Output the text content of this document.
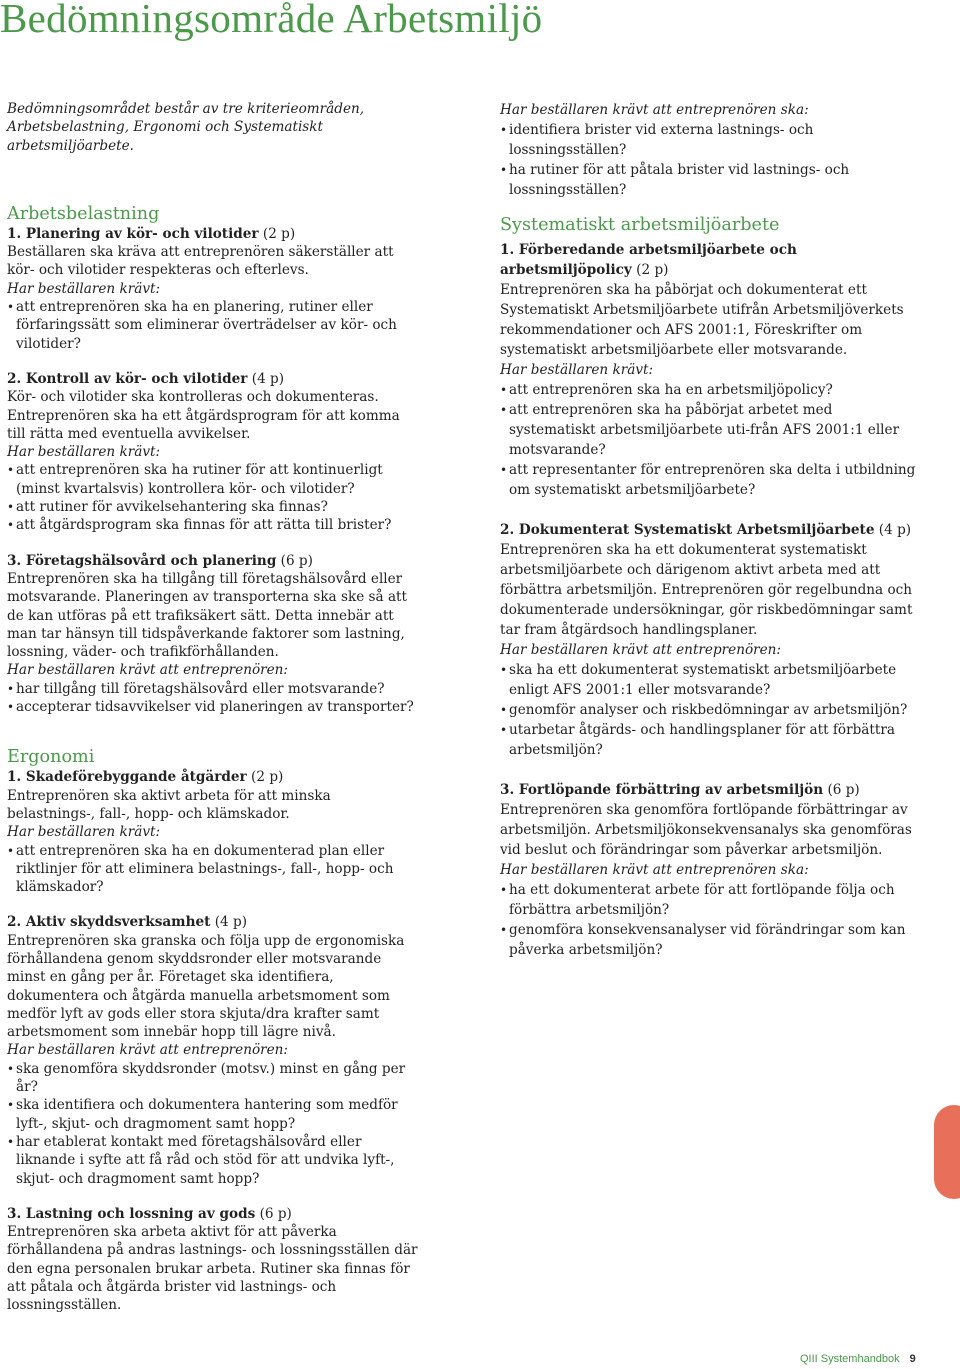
Bedömningsområde Arbetsmiljö

Bedömningsområdet består av tre kriterieområden, Arbetsbelastning, Ergonomi och Systematiskt arbetsmiljöarbete.

Arbetsbelastning

1. Planering av kör- och vilotider (2 p)

Beställaren ska kräva att entreprenören säkerställer att kör- och vilotider respekteras och efterlevs.

Har beställaren krävt:

• att entreprenören ska ha en planering, rutiner eller förfaringssätt som eliminerar överträdelser av kör- och vilotider?

2. Kontroll av kör- och vilotider (4 p)

Kör- och vilotider ska kontrolleras och dokumenteras. Entreprenören ska ha ett åtgärdsprogram för att komma till rätta med eventuella avvikelser.

Har beställaren krävt:

• att entreprenören ska ha rutiner för att kontinuerligt (minst kvartalsvis) kontrollera kör- och vilotider?
• att rutiner för avvikelsehantering ska finnas?
• att åtgärdsprogram ska finnas för att rätta till brister?

3. Företagshälsovård och planering (6 p)

Entreprenören ska ha tillgång till företagshälsovård eller motsvarande. Planeringen av transporterna ska ske så att de kan utföras på ett trafiksäkert sätt. Detta innebär att man tar hänsyn till tidspåverkande faktorer som lastning, lossning, väder- och trafikförhållanden.

Har beställaren krävt att entreprenören:

• har tillgång till företagshälsovård eller motsvarande?
• accepterar tidsavvikelser vid planeringen av transporter?
Ergonomi

1. Skadeförebyggande åtgärder (2 p)

Entreprenören ska aktivt arbeta för att minska belastnings-, fall-, hopp- och klämskador.

Har beställaren krävt:

• att entreprenören ska ha en dokumenterad plan eller riktlinjer för att eliminera belastnings-, fall-, hopp- och klämskador?

2. Aktiv skyddsverksamhet (4 p)

Entreprenören ska granska och följa upp de ergonomiska förhållandena genom skyddsronder eller motsvarande minst en gång per år. Företaget ska identifiera, dokumentera och åtgärda manuella arbetsmoment som medför lyft av gods eller stora skjuta/dra krafter samt arbetsmoment som innebär hopp till lägre nivå.

Har beställaren krävt att entreprenören:

• ska genomföra skyddsronder (motsv.) minst en gång per år?
• ska identifiera och dokumentera hantering som medför lyft-, skjut- och dragmoment samt hopp?
• har etablerat kontakt med företagshälsovård eller liknande i syfte att få råd och stöd för att undvika lyft-, skjut- och dragmoment samt hopp?

3. Lastning och lossning av gods (6 p)

Entreprenören ska arbeta aktivt för att påverka förhållandena på andras lastnings- och lossningsställen där den egna personalen brukar arbeta. Rutiner ska finnas för att påtala och åtgärda brister vid lastnings- och lossningsställen.

Har beställaren krävt att entreprenören ska:

• identifiera brister vid externa lastnings- och lossningsställen?
• ha rutiner för att påtala brister vid lastnings- och lossningsställen?
Systematiskt arbetsmiljöarbete

1. Förberedande arbetsmiljöarbete och arbetsmiljöpolicy (2 p)

Entreprenören ska ha påbörjat och dokumenterat ett Systematiskt Arbetsmiljöarbete utifrån Arbetsmiljöverkets rekommendationer och AFS 2001:1, Föreskrifter om systematiskt arbetsmiljöarbete eller motsvarande.

Har beställaren krävt:

• att entreprenören ska ha en arbetsmiljöpolicy?
• att entreprenören ska ha påbörjat arbetet med systematiskt arbetsmiljöarbete uti-från AFS 2001:1 eller motsvarande?
• att representanter för entreprenören ska delta i utbildning om systematiskt arbetsmiljöarbete?

2. Dokumenterat Systematiskt Arbetsmiljöarbete (4 p)

Entreprenören ska ha ett dokumenterat systematiskt arbetsmiljöarbete och därigenom aktivt arbeta med att förbättra arbetsmiljön. Entreprenören gör regelbundna och dokumenterade undersökningar, gör riskbedömningar samt tar fram åtgärdsoch handlingsplaner.

Har beställaren krävt att entreprenören:

• ska ha ett dokumenterat systematiskt arbetsmiljöarbete enligt AFS 2001:1 eller motsvarande?
• genomför analyser och riskbedömningar av arbetsmiljön?
• utarbetar åtgärds- och handlingsplaner för att förbättra arbetsmiljön?

3. Fortlöpande förbättring av arbetsmiljön (6 p)

Entreprenören ska genomföra fortlöpande förbättringar av arbetsmiljön. Arbetsmiljökonsekvensanalys ska genomföras vid beslut och förändringar som påverkar arbetsmiljön.

Har beställaren krävt att entreprenören ska:

• ha ett dokumenterat arbete för att fortlöpande följa och förbättra arbetsmiljön?
• genomföra konsekvensanalyser vid förändringar som kan påverka arbetsmiljön?
QIII Systemhandbok 9
